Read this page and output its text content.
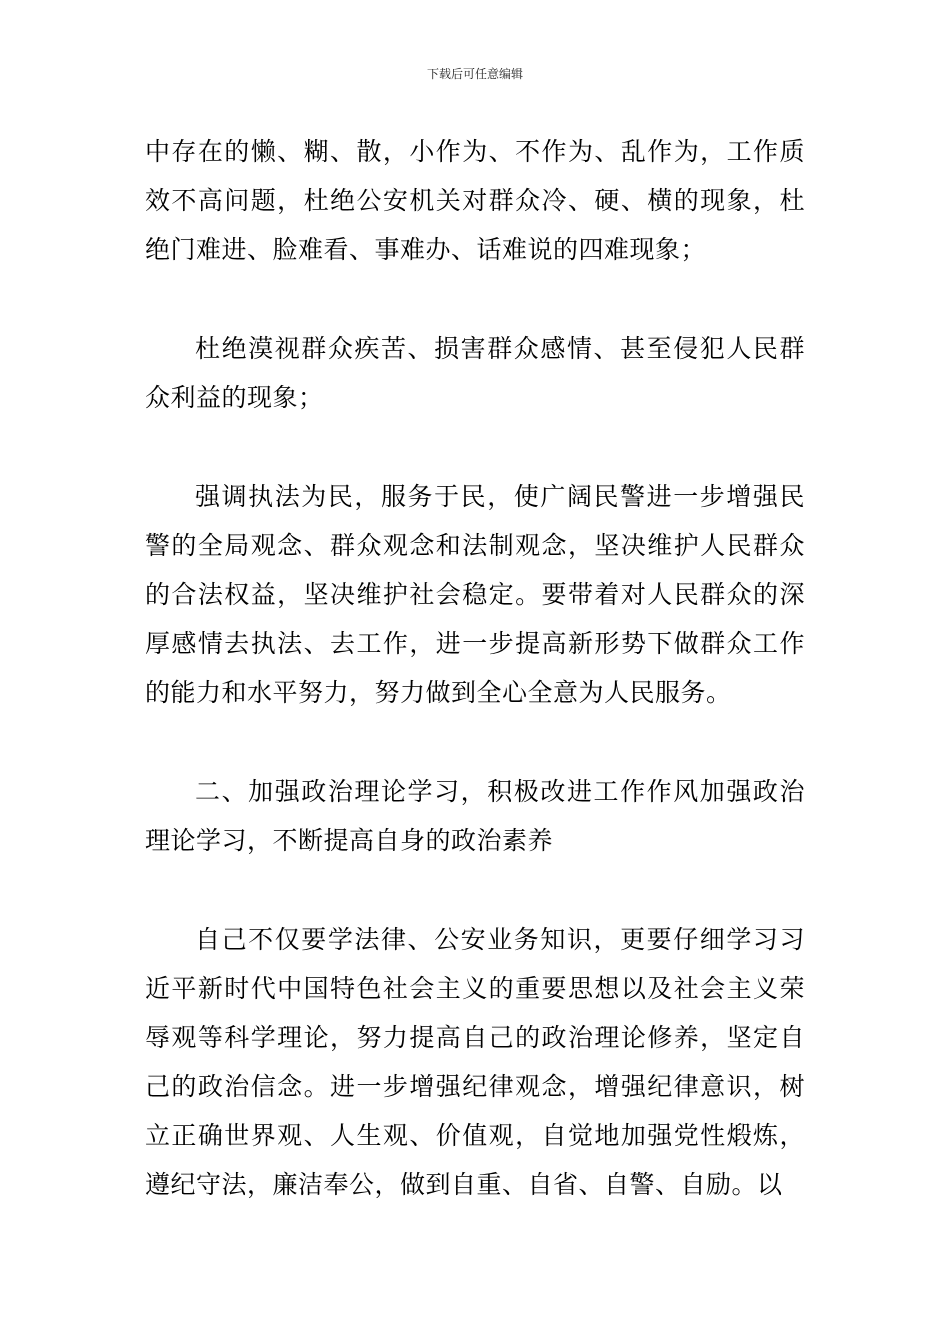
下载后可任意编辑

中存在的懒、糊、散，小作为、不作为、乱作为，工作质效不高问题，杜绝公安机关对群众冷、硬、横的现象，杜绝门难进、脸难看、事难办、话难说的四难现象；

杜绝漠视群众疾苦、损害群众感情、甚至侵犯人民群众利益的现象；

强调执法为民，服务于民，使广阔民警进一步增强民警的全局观念、群众观念和法制观念，坚决维护人民群众的合法权益，坚决维护社会稳定。要带着对人民群众的深厚感情去执法、去工作，进一步提高新形势下做群众工作的能力和水平努力，努力做到全心全意为人民服务。

二、加强政治理论学习，积极改进工作作风加强政治理论学习，不断提高自身的政治素养

自己不仅要学法律、公安业务知识，更要仔细学习习近平新时代中国特色社会主义的重要思想以及社会主义荣辱观等科学理论，努力提高自己的政治理论修养，坚定自己的政治信念。进一步增强纪律观念，增强纪律意识，树立正确世界观、人生观、价值观，自觉地加强党性煅炼，遵纪守法，廉洁奉公，做到自重、自省、自警、自励。以
